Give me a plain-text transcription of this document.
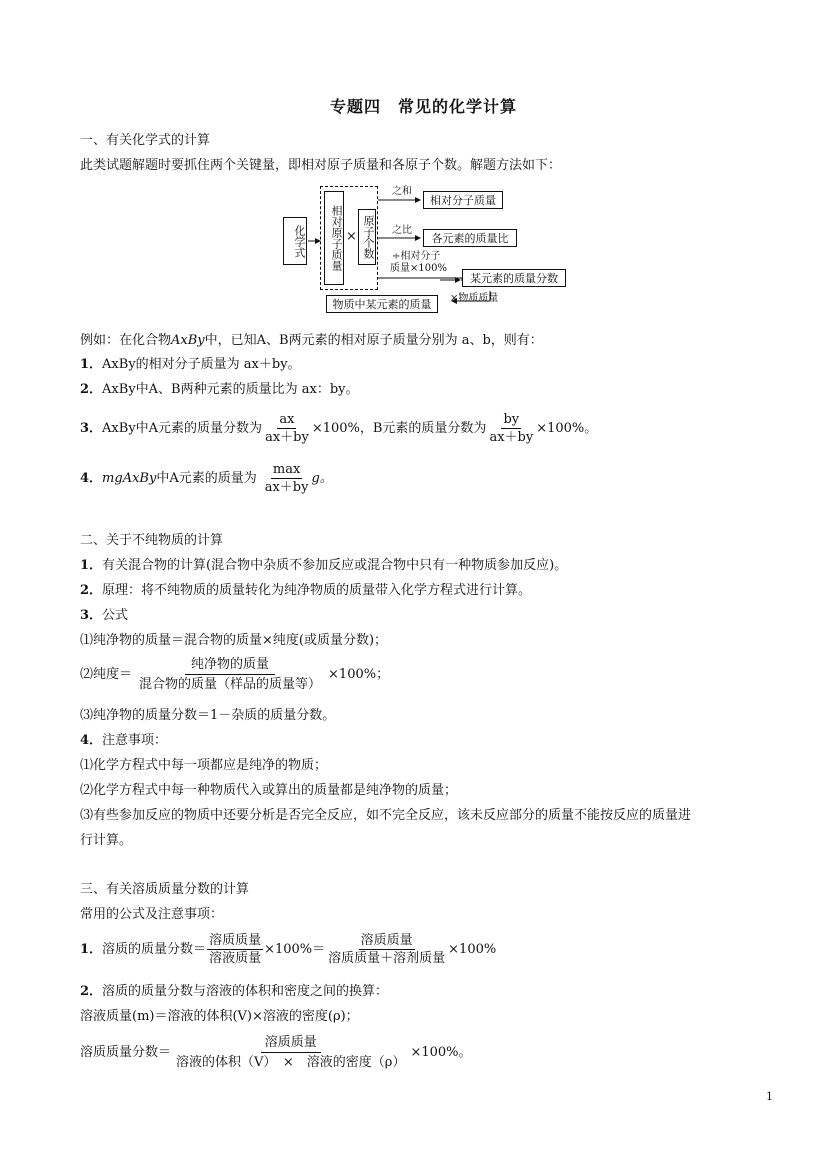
专题四　常见的化学计算
一、有关化学式的计算
此类试题解题时要抓住两个关键量，即相对原子质量和各原子个数。解题方法如下：
化学式	相对原子质量 × 原子个数
之和
相对分子质量
之比
各元素的质量比
÷相对分子
质量×100%
某元素的质量分数
×物质质量
物质中某元素的质量
例如：在化合物AxBy中，已知A、B两元素的相对原子质量分别为 a、b，则有：
1．AxBy的相对分子质量为 ax＋by。
2．AxBy中A、B两种元素的质量比为 ax：by。
3． AxBy 中A元素的质量分数为 $\frac{ax}{ax+by} \times 100\%$，B元素的质量分数为 $\frac{by}{ax+by} \times 100\%$。
4． mgAxBy 中A元素的质量为 $\frac{\max}{ax+by}$ g。
二、关于不纯物质的计算
1．有关混合物的计算(混合物中杂质不参加反应或混合物中只有一种物质参加反应)。
2．原理：将不纯物质的质量转化为纯净物质的质量带入化学方程式进行计算。
3．公式
⑴纯净物的质量＝混合物的质量×纯度(或质量分数)；
⑵纯度＝ $\frac{\text{纯净物的质量}}{\text{混合物的质量（样品的质量等）}} \times 100\%$；
⑶纯净物的质量分数＝1－杂质的质量分数。
4．注意事项：
⑴化学方程式中每一项都应是纯净的物质；
⑵化学方程式中每一种物质代入或算出的质量都是纯净物的质量；
⑶有些参加反应的物质中还要分析是否完全反应，如不完全反应，该未反应部分的质量不能按反应的质量进
行计算。
三、有关溶质质量分数的计算
常用的公式及注意事项：
1． 溶质的质量分数＝ $\frac{\text{溶质质量}}{\text{溶液质量}} \times 100\%= \frac{\text{溶质质量}}{\text{溶质质量＋溶剂质量}} \times 100\%$
2．溶质的质量分数与溶液的体积和密度之间的换算：
溶液质量(m)＝溶液的体积(V)×溶液的密度(ρ)；
溶质质量分数＝ $\frac{\text{溶质质量}}{\text{溶液的体积（V）　×　溶液的密度（ρ）}} \times 100\%$。
1
